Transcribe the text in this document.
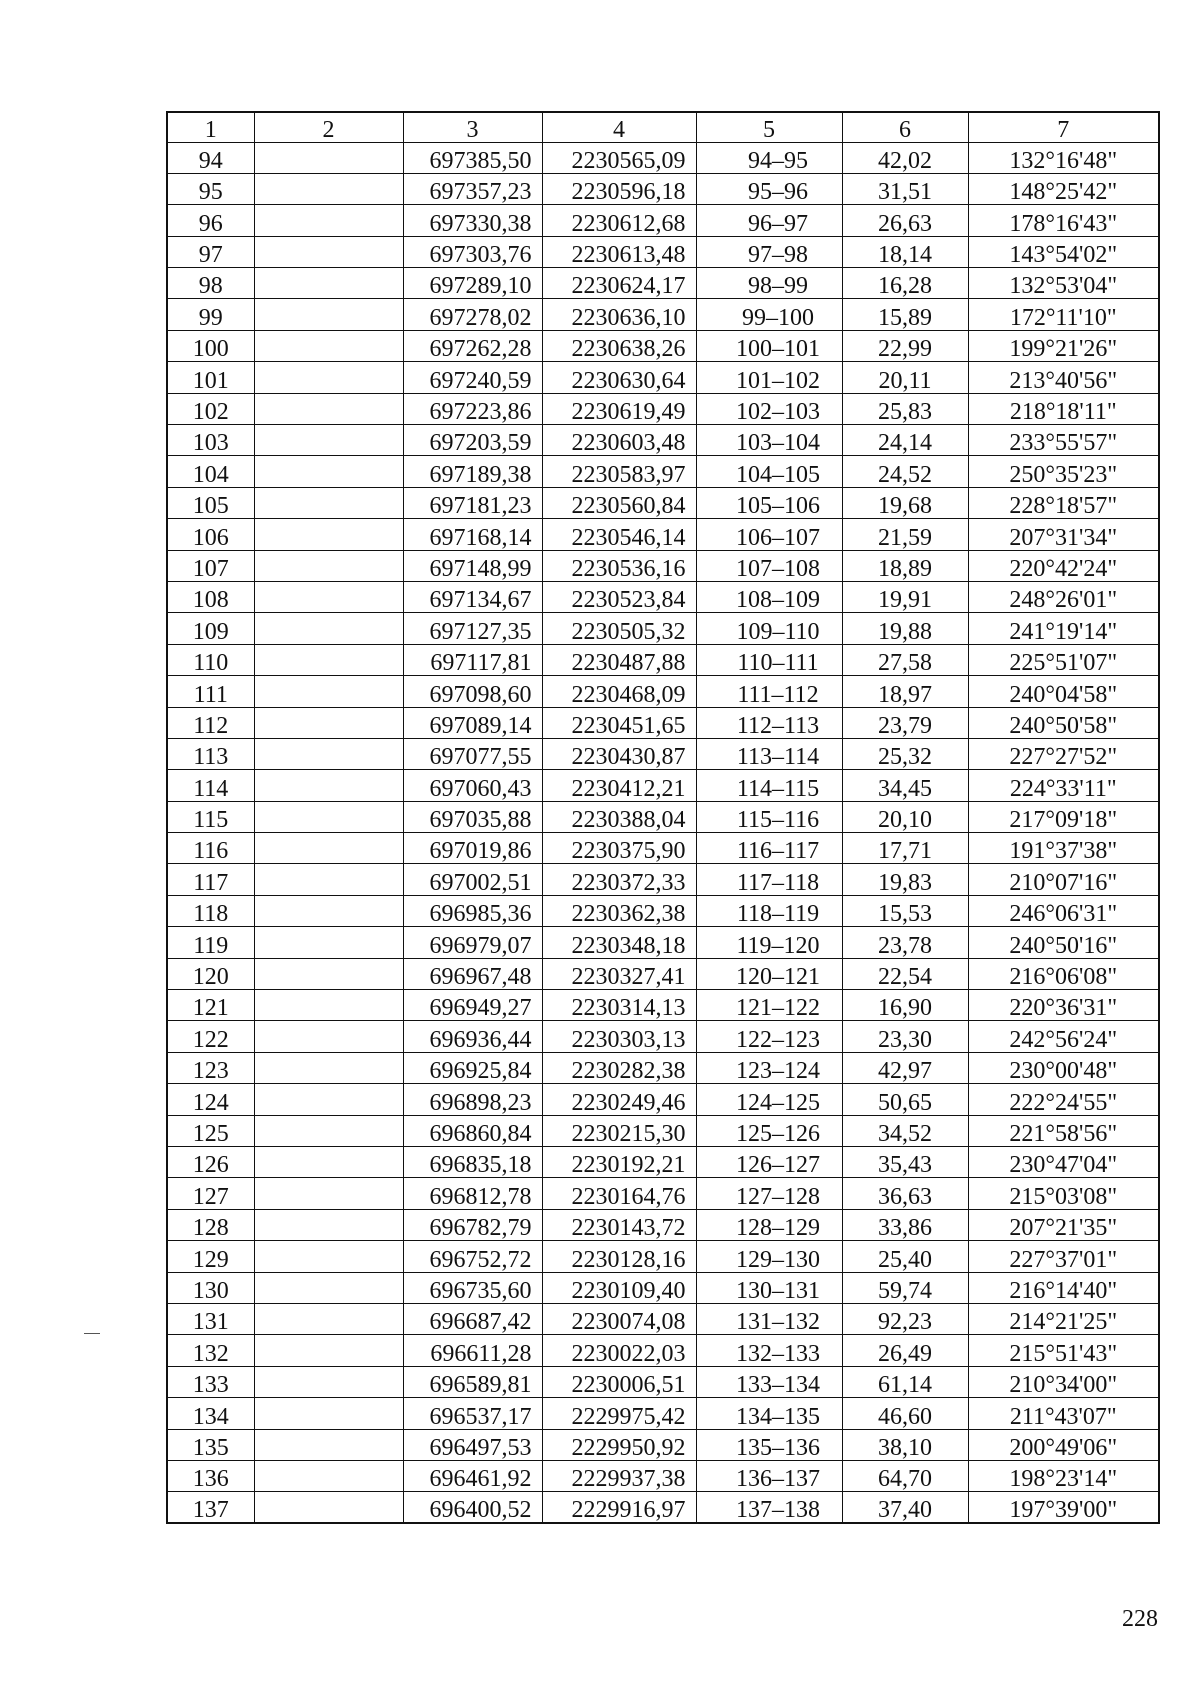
1	2	3	4	5	6	7
94		697385,50	2230565,09	94–95	42,02	132°16'48"
95		697357,23	2230596,18	95–96	31,51	148°25'42"
96		697330,38	2230612,68	96–97	26,63	178°16'43"
97		697303,76	2230613,48	97–98	18,14	143°54'02"
98		697289,10	2230624,17	98–99	16,28	132°53'04"
99		697278,02	2230636,10	99–100	15,89	172°11'10"
100		697262,28	2230638,26	100–101	22,99	199°21'26"
101		697240,59	2230630,64	101–102	20,11	213°40'56"
102		697223,86	2230619,49	102–103	25,83	218°18'11"
103		697203,59	2230603,48	103–104	24,14	233°55'57"
104		697189,38	2230583,97	104–105	24,52	250°35'23"
105		697181,23	2230560,84	105–106	19,68	228°18'57"
106		697168,14	2230546,14	106–107	21,59	207°31'34"
107		697148,99	2230536,16	107–108	18,89	220°42'24"
108		697134,67	2230523,84	108–109	19,91	248°26'01"
109		697127,35	2230505,32	109–110	19,88	241°19'14"
110		697117,81	2230487,88	110–111	27,58	225°51'07"
111		697098,60	2230468,09	111–112	18,97	240°04'58"
112		697089,14	2230451,65	112–113	23,79	240°50'58"
113		697077,55	2230430,87	113–114	25,32	227°27'52"
114		697060,43	2230412,21	114–115	34,45	224°33'11"
115		697035,88	2230388,04	115–116	20,10	217°09'18"
116		697019,86	2230375,90	116–117	17,71	191°37'38"
117		697002,51	2230372,33	117–118	19,83	210°07'16"
118		696985,36	2230362,38	118–119	15,53	246°06'31"
119		696979,07	2230348,18	119–120	23,78	240°50'16"
120		696967,48	2230327,41	120–121	22,54	216°06'08"
121		696949,27	2230314,13	121–122	16,90	220°36'31"
122		696936,44	2230303,13	122–123	23,30	242°56'24"
123		696925,84	2230282,38	123–124	42,97	230°00'48"
124		696898,23	2230249,46	124–125	50,65	222°24'55"
125		696860,84	2230215,30	125–126	34,52	221°58'56"
126		696835,18	2230192,21	126–127	35,43	230°47'04"
127		696812,78	2230164,76	127–128	36,63	215°03'08"
128		696782,79	2230143,72	128–129	33,86	207°21'35"
129		696752,72	2230128,16	129–130	25,40	227°37'01"
130		696735,60	2230109,40	130–131	59,74	216°14'40"
131		696687,42	2230074,08	131–132	92,23	214°21'25"
132		696611,28	2230022,03	132–133	26,49	215°51'43"
133		696589,81	2230006,51	133–134	61,14	210°34'00"
134		696537,17	2229975,42	134–135	46,60	211°43'07"
135		696497,53	2229950,92	135–136	38,10	200°49'06"
136		696461,92	2229937,38	136–137	64,70	198°23'14"
137		696400,52	2229916,97	137–138	37,40	197°39'00"
228
